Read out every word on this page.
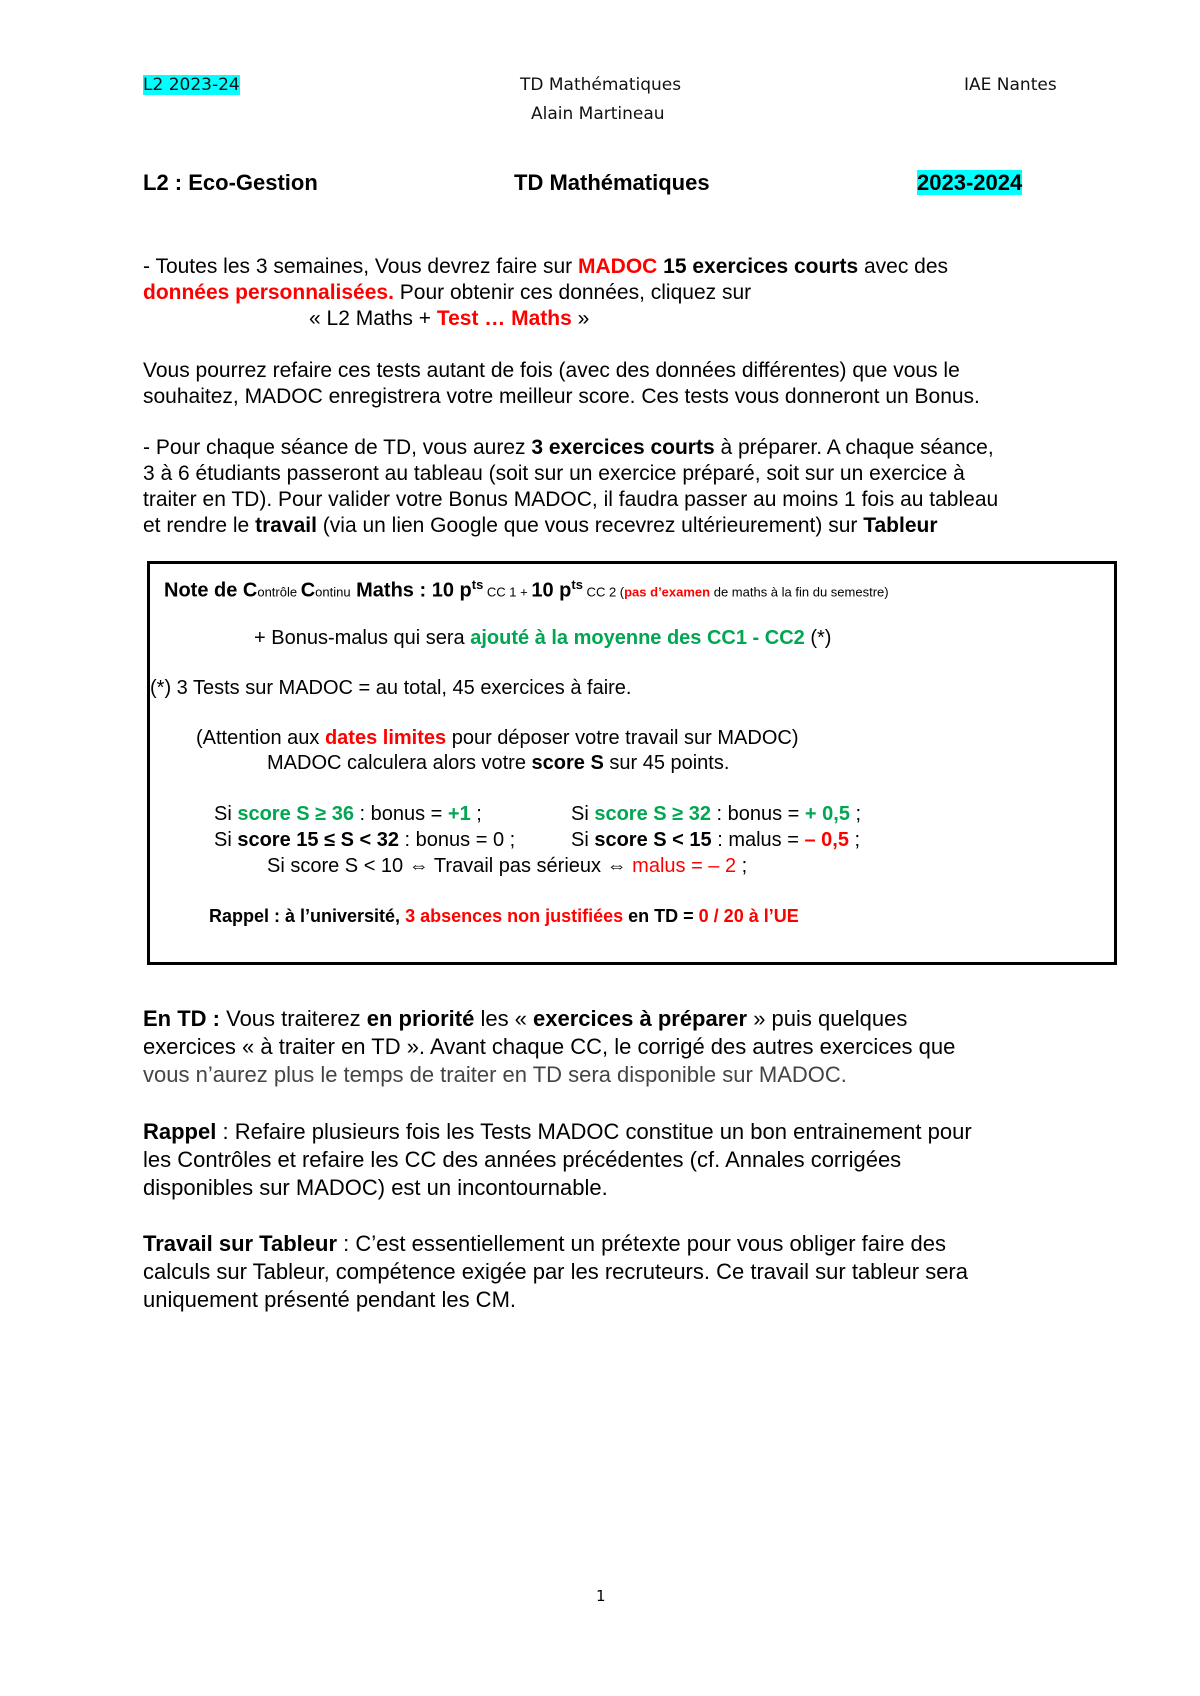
L2 2023-24	TD Mathématiques
Alain Martineau
IAE Nantes
L2 : Eco-Gestion	TD Mathématiques	2023-2024

- Toutes les 3 semaines, Vous devrez faire sur MADOC 15 exercices courts avec des

données personnalisées. Pour obtenir ces données, cliquez sur

« L2 Maths + Test … Maths »

Vous pourrez refaire ces tests autant de fois (avec des données différentes) que vous le

souhaitez, MADOC enregistrera votre meilleur score. Ces tests vous donneront un Bonus.

- Pour chaque séance de TD, vous aurez 3 exercices courts à préparer. A chaque séance,

3 à 6 étudiants passeront au tableau (soit sur un exercice préparé, soit sur un exercice à

traiter en TD). Pour valider votre Bonus MADOC, il faudra passer au moins 1 fois au tableau

et rendre le travail (via un lien Google que vous recevrez ultérieurement) sur Tableur

Note de Contrôle Continu Maths : 10 $p^{ts}$ CC 1 + 10 $p^{ts}$ CC 2 (pas d’examen de maths à la fin du semestre)
+ Bonus-malus qui sera ajouté à la moyenne des CC1 - CC2 (*)
(*) 3 Tests sur MADOC = au total, 45 exercices à faire.
(Attention aux dates limites pour déposer votre travail sur MADOC)
MADOC calculera alors votre score S sur 45 points.
Si score S ≥ 36 : bonus = +1 ;	Si score S ≥ 32 : bonus = + 0,5 ;
Si score 15 ≤ S < 32 : bonus = 0 ;	Si score S < 15 : malus = – 0,5 ;
Si score S < 10 ⇔ Travail pas sérieux ⇔ malus = – 2 ;
Rappel : à l’université, 3 absences non justifiées en TD = 0 / 20 à l’UE

En TD : Vous traiterez en priorité les « exercices à préparer » puis quelques

exercices « à traiter en TD ». Avant chaque CC, le corrigé des autres exercices que

vous n’aurez plus le temps de traiter en TD sera disponible sur MADOC.

Rappel : Refaire plusieurs fois les Tests MADOC constitue un bon entrainement pour

les Contrôles et refaire les CC des années précédentes (cf. Annales corrigées

disponibles sur MADOC) est un incontournable.

Travail sur Tableur : C’est essentiellement un prétexte pour vous obliger faire des

calculs sur Tableur, compétence exigée par les recruteurs. Ce travail sur tableur sera

uniquement présenté pendant les CM.

1
